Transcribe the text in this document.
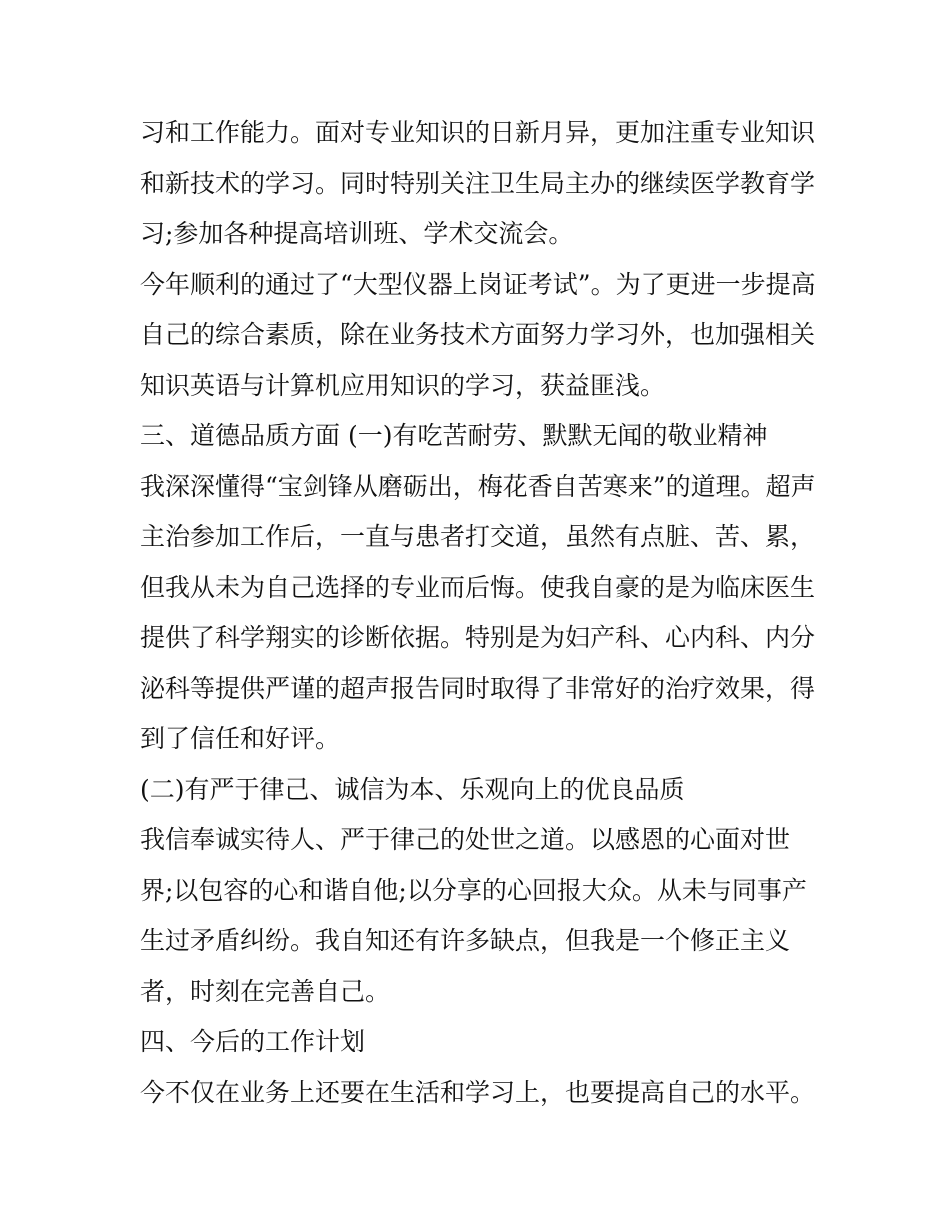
习和工作能力。面对专业知识的日新月异，更加注重专业知识
和新技术的学习。同时特别关注卫生局主办的继续医学教育学
习;参加各种提高培训班、学术交流会。
今年顺利的通过了“大型仪器上岗证考试”。为了更进一步提高
自己的综合素质，除在业务技术方面努力学习外，也加强相关
知识英语与计算机应用知识的学习，获益匪浅。
三、道德品质方面 (一)有吃苦耐劳、默默无闻的敬业精神
我深深懂得“宝剑锋从磨砺出，梅花香自苦寒来”的道理。超声
主治参加工作后，一直与患者打交道，虽然有点脏、苦、累，
但我从未为自己选择的专业而后悔。使我自豪的是为临床医生
提供了科学翔实的诊断依据。特别是为妇产科、心内科、内分
泌科等提供严谨的超声报告同时取得了非常好的治疗效果，得
到了信任和好评。
(二)有严于律己、诚信为本、乐观向上的优良品质
我信奉诚实待人、严于律己的处世之道。以感恩的心面对世
界;以包容的心和谐自他;以分享的心回报大众。从未与同事产
生过矛盾纠纷。我自知还有许多缺点，但我是一个修正主义
者，时刻在完善自己。
四、今后的工作计划
今不仅在业务上还要在生活和学习上，也要提高自己的水平。
